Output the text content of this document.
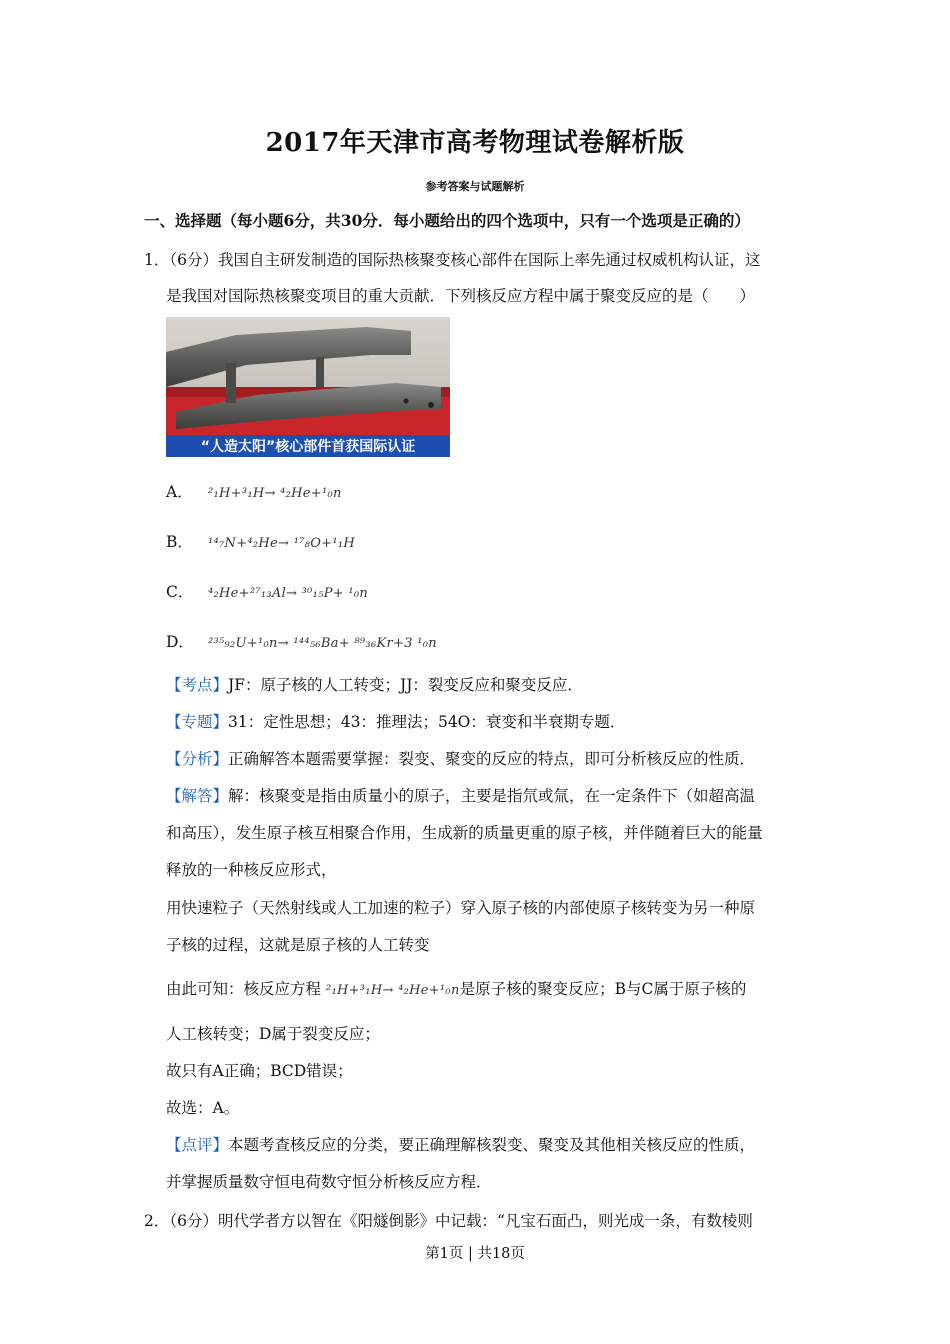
2017年天津市高考物理试卷解析版
参考答案与试题解析
一、选择题（每小题6分，共30分．每小题给出的四个选项中，只有一个选项是正确的）
1．（6分）我国自主研发制造的国际热核聚变核心部件在国际上率先通过权威机构认证，这
是我国对国际热核聚变项目的重大贡献．下列核反应方程中属于聚变反应的是（　　）
“人造太阳”核心部件首获国际认证
A． ²₁H+³₁H→ ⁴₂He+¹₀n
B． ¹⁴₇N+⁴₂He→ ¹⁷₈O+¹₁H
C． ⁴₂He+²⁷₁₃Al→ ³⁰₁₅P+ ¹₀n
D． ²³⁵₉₂U+¹₀n→ ¹⁴⁴₅₆Ba+ ⁸⁹₃₆Kr+3 ¹₀n
【考点】JF：原子核的人工转变；JJ：裂变反应和聚变反应．
【专题】31：定性思想；43：推理法；54O：衰变和半衰期专题．
【分析】正确解答本题需要掌握：裂变、聚变的反应的特点，即可分析核反应的性质．
【解答】解：核聚变是指由质量小的原子，主要是指氘或氚，在一定条件下（如超高温
和高压），发生原子核互相聚合作用，生成新的质量更重的原子核，并伴随着巨大的能量
释放的一种核反应形式，
用快速粒子（天然射线或人工加速的粒子）穿入原子核的内部使原子核转变为另一种原
子核的过程，这就是原子核的人工转变
由此可知：核反应方程 ²₁H+³₁H→ ⁴₂He+¹₀n是原子核的聚变反应；B与C属于原子核的
人工核转变；D属于裂变反应；
故只有A正确；BCD错误；
故选：A。
【点评】本题考查核反应的分类，要正确理解核裂变、聚变及其他相关核反应的性质，
并掌握质量数守恒电荷数守恒分析核反应方程．
2．（6分）明代学者方以智在《阳燧倒影》中记载：“凡宝石面凸，则光成一条，有数棱则
第1页 | 共18页
